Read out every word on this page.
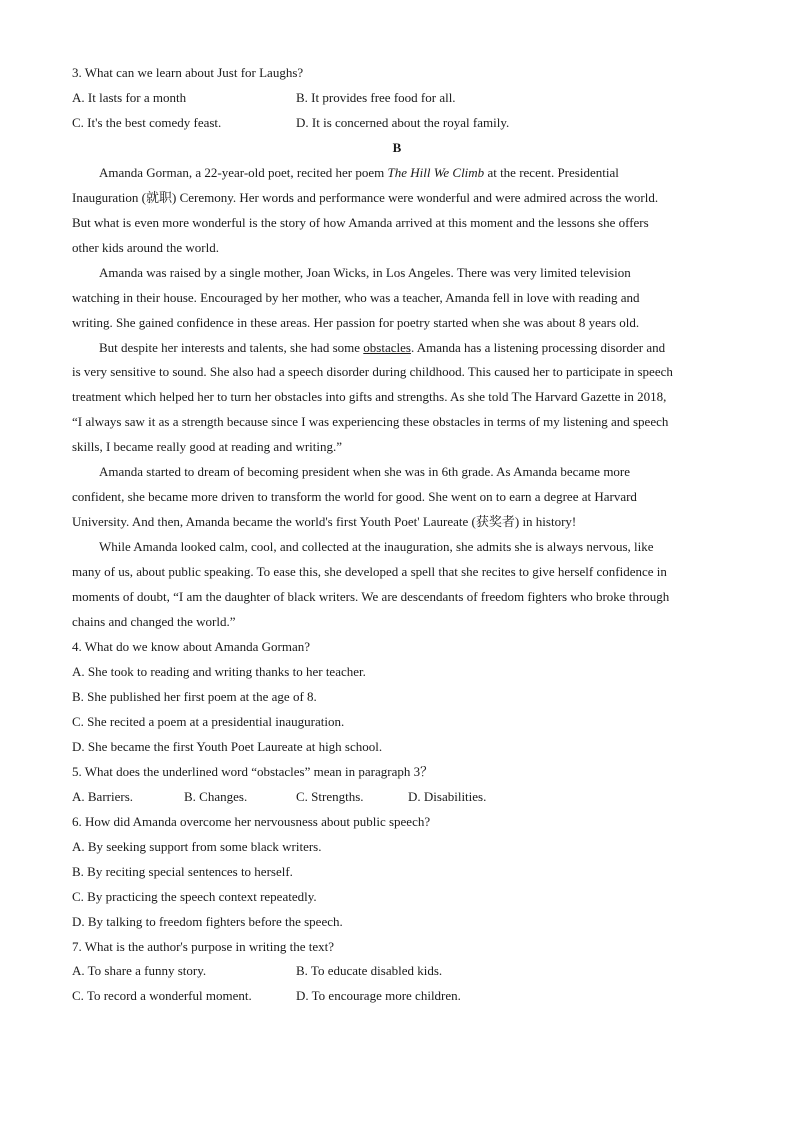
3. What can we learn about Just for Laughs?
A. It lasts for a month	B. It provides free food for all.
C. It's the best comedy feast.	D. It is concerned about the royal family.
B
Amanda Gorman, a 22-year-old poet, recited her poem The Hill We Climb at the recent. Presidential
Inauguration (就职) Ceremony. Her words and performance were wonderful and were admired across the world.
But what is even more wonderful is the story of how Amanda arrived at this moment and the lessons she offers
other kids around the world.
Amanda was raised by a single mother, Joan Wicks, in Los Angeles. There was very limited television
watching in their house. Encouraged by her mother, who was a teacher, Amanda fell in love with reading and
writing. She gained confidence in these areas. Her passion for poetry started when she was about 8 years old.
But despite her interests and talents, she had some obstacles. Amanda has a listening processing disorder and
is very sensitive to sound. She also had a speech disorder during childhood. This caused her to participate in speech
treatment which helped her to turn her obstacles into gifts and strengths. As she told The Harvard Gazette in 2018,
“I always saw it as a strength because since I was experiencing these obstacles in terms of my listening and speech
skills, I became really good at reading and writing.”
Amanda started to dream of becoming president when she was in 6th grade. As Amanda became more
confident, she became more driven to transform the world for good. She went on to earn a degree at Harvard
University. And then, Amanda became the world's first Youth Poet' Laureate (获奖者) in history!
While Amanda looked calm, cool, and collected at the inauguration, she admits she is always nervous, like
many of us, about public speaking. To ease this, she developed a spell that she recites to give herself confidence in
moments of doubt, “I am the daughter of black writers. We are descendants of freedom fighters who broke through
chains and changed the world.”
4. What do we know about Amanda Gorman?
A. She took to reading and writing thanks to her teacher.
B. She published her first poem at the age of 8.
C. She recited a poem at a presidential inauguration.
D. She became the first Youth Poet Laureate at high school.
5. What does the underlined word “obstacles” mean in paragraph 3？
A. Barriers.	B. Changes.	C. Strengths.	D. Disabilities.
6. How did Amanda overcome her nervousness about public speech?
A. By seeking support from some black writers.
B. By reciting special sentences to herself.
C. By practicing the speech context repeatedly.
D. By talking to freedom fighters before the speech.
7. What is the author's purpose in writing the text?
A. To share a funny story.	B. To educate disabled kids.
C. To record a wonderful moment.	D. To encourage more children.
